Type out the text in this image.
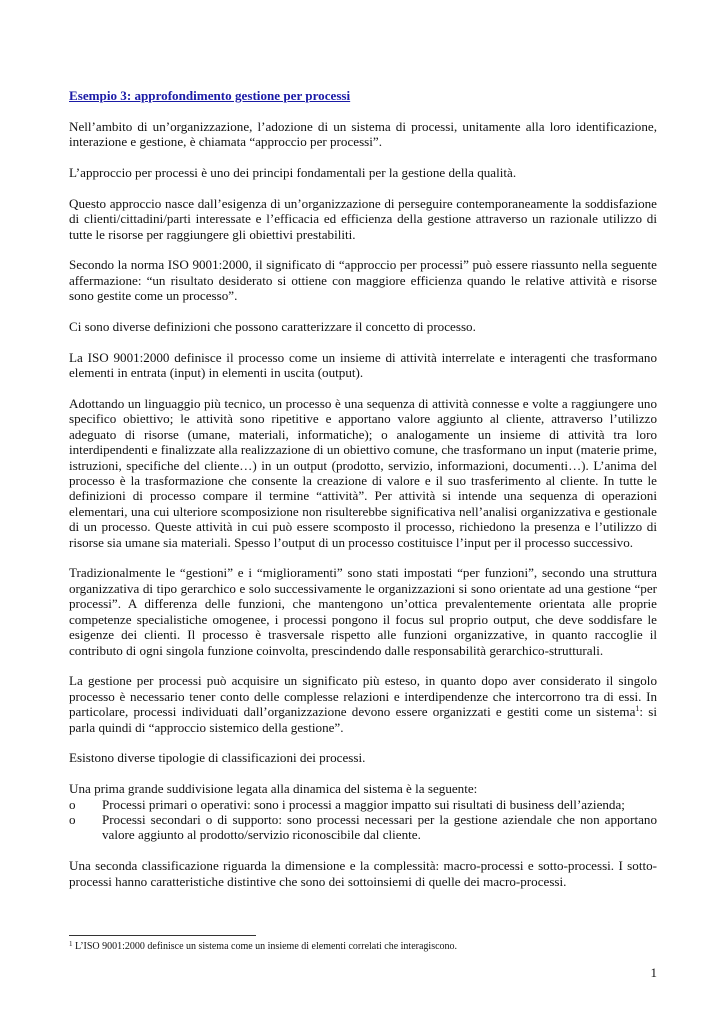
Esempio 3: approfondimento gestione per processi

Nell’ambito di un’organizzazione, l’adozione di un sistema di processi, unitamente alla loro identificazione, interazione e gestione, è chiamata “approccio per processi”.

L’approccio per processi è uno dei principi fondamentali per la gestione della qualità.

Questo approccio nasce dall’esigenza di un’organizzazione di perseguire contemporaneamente la soddisfazione di clienti/cittadini/parti interessate e l’efficacia ed efficienza della gestione attraverso un razionale utilizzo di tutte le risorse per raggiungere gli obiettivi prestabiliti.

Secondo la norma ISO 9001:2000, il significato di “approccio per processi” può essere riassunto nella seguente affermazione: “un risultato desiderato si ottiene con maggiore efficienza quando le relative attività e risorse sono gestite come un processo”.

Ci sono diverse definizioni che possono caratterizzare il concetto di processo.

La ISO 9001:2000 definisce il processo come un insieme di attività interrelate e interagenti che trasformano elementi in entrata (input) in elementi in uscita (output).

Adottando un linguaggio più tecnico, un processo è una sequenza di attività connesse e volte a raggiungere uno specifico obiettivo; le attività sono ripetitive e apportano valore aggiunto al cliente, attraverso l’utilizzo adeguato di risorse (umane, materiali, informatiche); o analogamente un insieme di attività tra loro interdipendenti e finalizzate alla realizzazione di un obiettivo comune, che trasformano un input (materie prime, istruzioni, specifiche del cliente…) in un output (prodotto, servizio, informazioni, documenti…). L’anima del processo è la trasformazione che consente la creazione di valore e il suo trasferimento al cliente. In tutte le definizioni di processo compare il termine “attività”. Per attività si intende una sequenza di operazioni elementari, una cui ulteriore scomposizione non risulterebbe significativa nell’analisi organizzativa e gestionale di un processo. Queste attività in cui può essere scomposto il processo, richiedono la presenza e l’utilizzo di risorse sia umane sia materiali. Spesso l’output di un processo costituisce l’input per il processo successivo.

Tradizionalmente le “gestioni” e i “miglioramenti” sono stati impostati “per funzioni”, secondo una struttura organizzativa di tipo gerarchico e solo successivamente le organizzazioni si sono orientate ad una gestione “per processi”. A differenza delle funzioni, che mantengono un’ottica prevalentemente orientata alle proprie competenze specialistiche omogenee, i processi pongono il focus sul proprio output, che deve soddisfare le esigenze dei clienti. Il processo è trasversale rispetto alle funzioni organizzative, in quanto raccoglie il contributo di ogni singola funzione coinvolta, prescindendo dalle responsabilità gerarchico-strutturali.

La gestione per processi può acquisire un significato più esteso, in quanto dopo aver considerato il singolo processo è necessario tener conto delle complesse relazioni e interdipendenze che intercorrono tra di essi. In particolare, processi individuati dall’organizzazione devono essere organizzati e gestiti come un sistema$^1$: si parla quindi di “approccio sistemico della gestione”.

Esistono diverse tipologie di classificazioni dei processi.

Una prima grande suddivisione legata alla dinamica del sistema è la seguente:

o Processi primari o operativi: sono i processi a maggior impatto sui risultati di business dell’azienda;
o Processi secondari o di supporto: sono processi necessari per la gestione aziendale che non apportano valore aggiunto al prodotto/servizio riconoscibile dal cliente.

Una seconda classificazione riguarda la dimensione e la complessità: macro-processi e sotto-processi. I sotto-processi hanno caratteristiche distintive che sono dei sottoinsiemi di quelle dei macro-processi.

$^1$ L’ISO 9001:2000 definisce un sistema come un insieme di elementi correlati che interagiscono.
1
